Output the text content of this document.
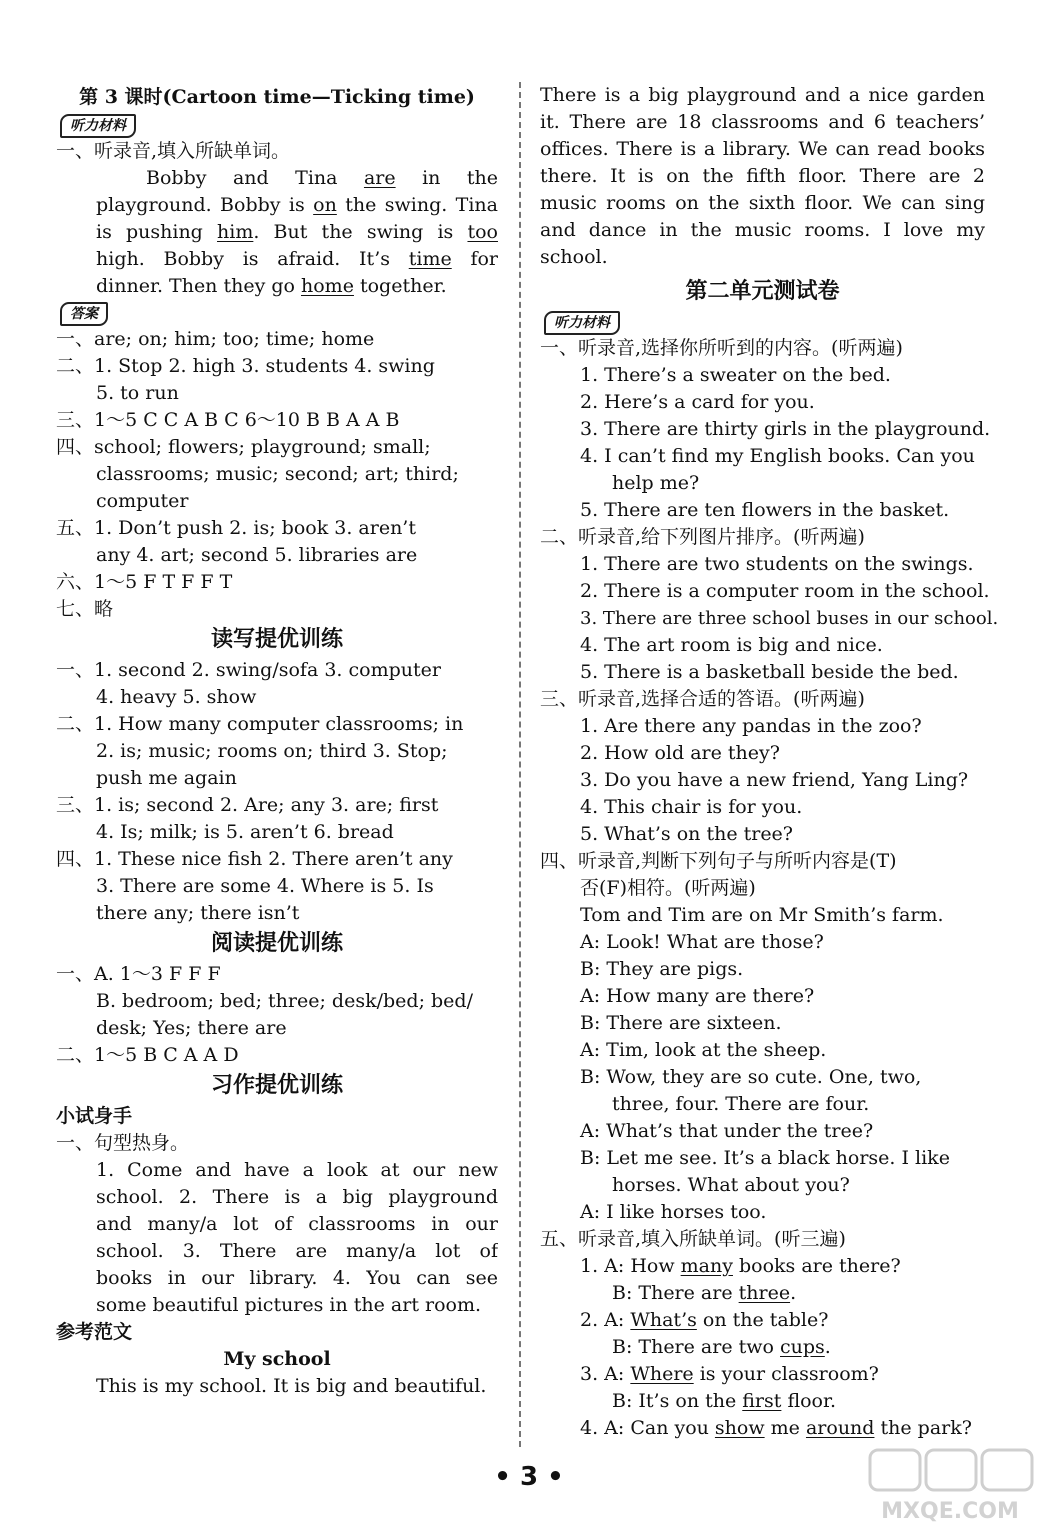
第 3 课时(Cartoon time—Ticking time)
听力材料
一、听录音,填入所缺单词。
Bobby and Tina are in the
playground. Bobby is on the swing. Tina
is pushing him. But the swing is too
high. Bobby is afraid. It’s time for
dinner. Then they go home together.
答案
一、are; on; him; too; time; home
二、1. Stop 2. high 3. students 4. swing
5. to run
三、1～5 C C A B C 6～10 B B A A B
四、school; flowers; playground; small;
classrooms; music; second; art; third;
computer
五、1. Don’t push 2. is; book 3. aren’t
any 4. art; second 5. libraries are
六、1～5 F T F F T
七、略
读写提优训练
一、1. second 2. swing/sofa 3. computer
4. heavy 5. show
二、1. How many computer classrooms; in
2. is; music; rooms on; third 3. Stop;
push me again
三、1. is; second 2. Are; any 3. are; first
4. Is; milk; is 5. aren’t 6. bread
四、1. These nice fish 2. There aren’t any
3. There are some 4. Where is 5. Is
there any; there isn’t
阅读提优训练
一、A. 1～3 F F F
B. bedroom; bed; three; desk/bed; bed/
desk; Yes; there are
二、1～5 B C A A D
习作提优训练
小试身手
一、句型热身。
1. Come and have a look at our new
school. 2. There is a big playground
and many/a lot of classrooms in our
school. 3. There are many/a lot of
books in our library. 4. You can see
some beautiful pictures in the art room.
参考范文
My school
This is my school. It is big and beautiful.
There is a big playground and a nice garden
it. There are 18 classrooms and 6 teachers’
offices. There is a library. We can read books
there. It is on the fifth floor. There are 2
music rooms on the sixth floor. We can sing
and dance in the music rooms. I love my
school.
第二单元测试卷
听力材料
一、听录音,选择你所听到的内容。(听两遍)
1. There’s a sweater on the bed.
2. Here’s a card for you.
3. There are thirty girls in the playground.
4. I can’t find my English books. Can you
help me?
5. There are ten flowers in the basket.
二、听录音,给下列图片排序。(听两遍)
1. There are two students on the swings.
2. There is a computer room in the school.
3. There are three school buses in our school.
4. The art room is big and nice.
5. There is a basketball beside the bed.
三、听录音,选择合适的答语。(听两遍)
1. Are there any pandas in the zoo?
2. How old are they?
3. Do you have a new friend, Yang Ling?
4. This chair is for you.
5. What’s on the tree?
四、听录音,判断下列句子与所听内容是(T)
否(F)相符。(听两遍)
Tom and Tim are on Mr Smith’s farm.
A: Look! What are those?
B: They are pigs.
A: How many are there?
B: There are sixteen.
A: Tim, look at the sheep.
B: Wow, they are so cute. One, two,
three, four. There are four.
A: What’s that under the tree?
B: Let me see. It’s a black horse. I like
horses. What about you?
A: I like horses too.
五、听录音,填入所缺单词。(听三遍)
1. A: How many books are there?
B: There are three.
2. A: What’s on the table?
B: There are two cups.
3. A: Where is your classroom?
B: It’s on the first floor.
4. A: Can you show me around the park?
• 3 •
MXQE.COM
